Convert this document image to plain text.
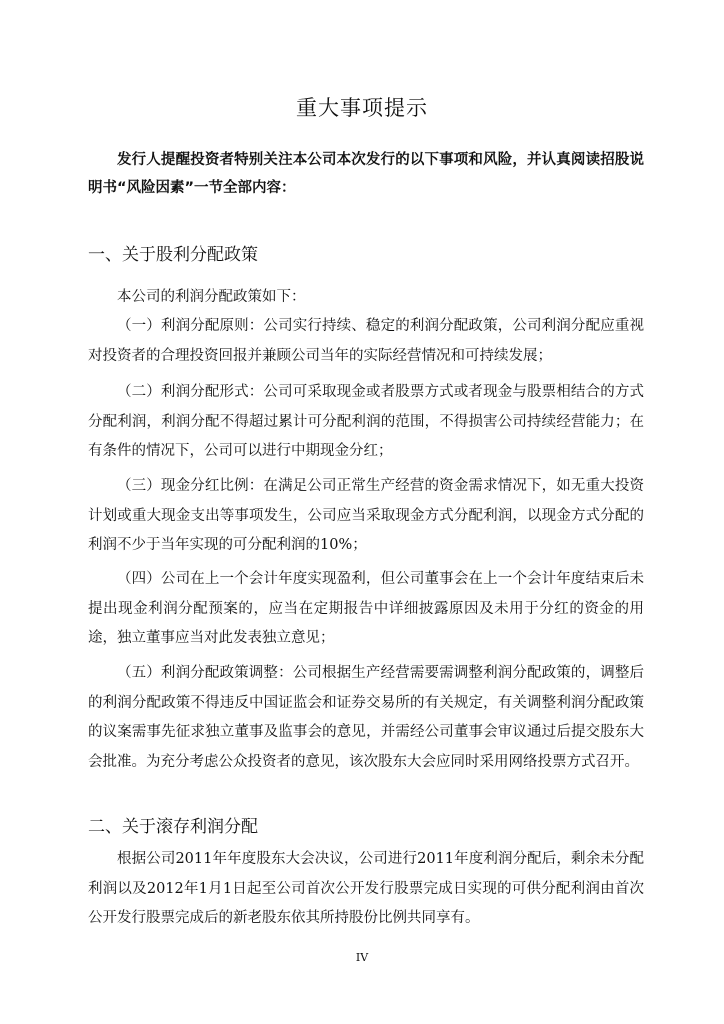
重大事项提示

发行人提醒投资者特别关注本公司本次发行的以下事项和风险，并认真阅读招股说明书“风险因素”一节全部内容：

一、关于股利分配政策

本公司的利润分配政策如下：

（一）利润分配原则：公司实行持续、稳定的利润分配政策，公司利润分配应重视对投资者的合理投资回报并兼顾公司当年的实际经营情况和可持续发展；

（二）利润分配形式：公司可采取现金或者股票方式或者现金与股票相结合的方式分配利润，利润分配不得超过累计可分配利润的范围，不得损害公司持续经营能力；在有条件的情况下，公司可以进行中期现金分红；

（三）现金分红比例：在满足公司正常生产经营的资金需求情况下，如无重大投资计划或重大现金支出等事项发生，公司应当采取现金方式分配利润，以现金方式分配的利润不少于当年实现的可分配利润的10%；

（四）公司在上一个会计年度实现盈利，但公司董事会在上一个会计年度结束后未提出现金利润分配预案的，应当在定期报告中详细披露原因及未用于分红的资金的用途，独立董事应当对此发表独立意见；

（五）利润分配政策调整：公司根据生产经营需要需调整利润分配政策的，调整后的利润分配政策不得违反中国证监会和证券交易所的有关规定，有关调整利润分配政策的议案需事先征求独立董事及监事会的意见，并需经公司董事会审议通过后提交股东大会批准。为充分考虑公众投资者的意见，该次股东大会应同时采用网络投票方式召开。

二、关于滚存利润分配

根据公司2011年年度股东大会决议，公司进行2011年度利润分配后，剩余未分配利润以及2012年1月1日起至公司首次公开发行股票完成日实现的可供分配利润由首次公开发行股票完成后的新老股东依其所持股份比例共同享有。

IV
